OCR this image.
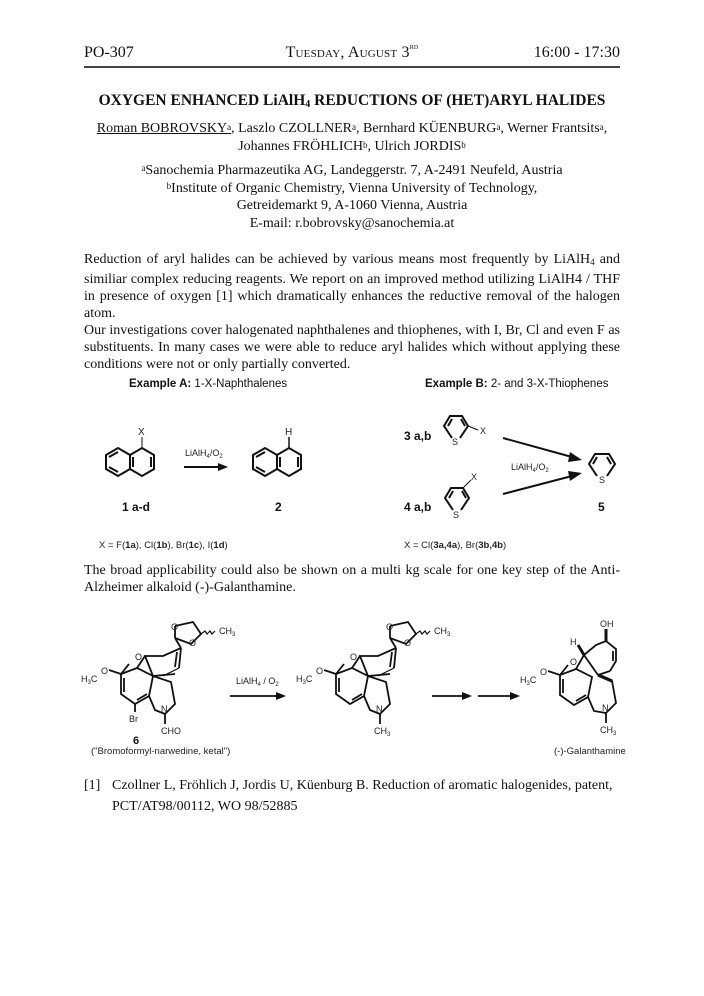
PO-307	Tuesday, August 3rd	16:00 - 17:30
OXYGEN ENHANCED LiAlH$_4$ REDUCTIONS OF (HET)ARYL HALIDES
Roman BOBROVSKY$^a$, Laszlo CZOLLNER$^a$, Bernhard KÜENBURG$^a$, Werner Frantsits$^a$,
Johannes FRÖHLICH$^b$, Ulrich JORDIS$^b$
$^a$Sanochemia Pharmazeutika AG, Landeggerstr. 7, A-2491 Neufeld, Austria
$^b$Institute of Organic Chemistry, Vienna University of Technology,
Getreidemarkt 9, A-1060 Vienna, Austria
E-mail: r.bobrovsky@sanochemia.at

Reduction of aryl halides can be achieved by various means most frequently by LiAlH$_4$ and similiar complex reducing reagents. We report on an improved method utilizing LiAlH4 / THF in presence of oxygen [1] which dramatically enhances the reductive removal of the halogen atom.

Our investigations cover halogenated naphthalenes and thiophenes, with I, Br, Cl and even F as substituents. In many cases we were able to reduce aryl halides which without applying these conditions were not or only partially converted.

Example A: 1-X-Naphthalenes
X
$LiAlH_4/O_2$
H
1 a-d	2
X = F(1a), Cl(1b), Br(1c), I(1d)
Example B: 2- and 3-X-Thiophenes
3 a,b S
X
4 a,b
S
X
$LiAlH_4/O_2$
S
5
X = Cl(3a,4a), Br(3b,4b)

The broad applicability could also be shown on a multi kg scale for one key step of the Anti-Alzheimer alkaloid (-)-Galanthamine.

O
O
O
O
$H_3C$
$CH_3$
Br
N
CHO
6
("Bromoformyl-narwedine, ketal")
LiAlH$_4$ / $O_2$
O
O
O
O
$H_3C$
$CH_3$
N
$CH_3$
OH
H
O
O
$H_3C$
N
$CH_3$
(-)-Galanthamine
[1] Czollner L, Fröhlich J, Jordis U, Küenburg B. Reduction of aromatic halogenides, patent, PCT/AT98/00112, WO 98/52885
